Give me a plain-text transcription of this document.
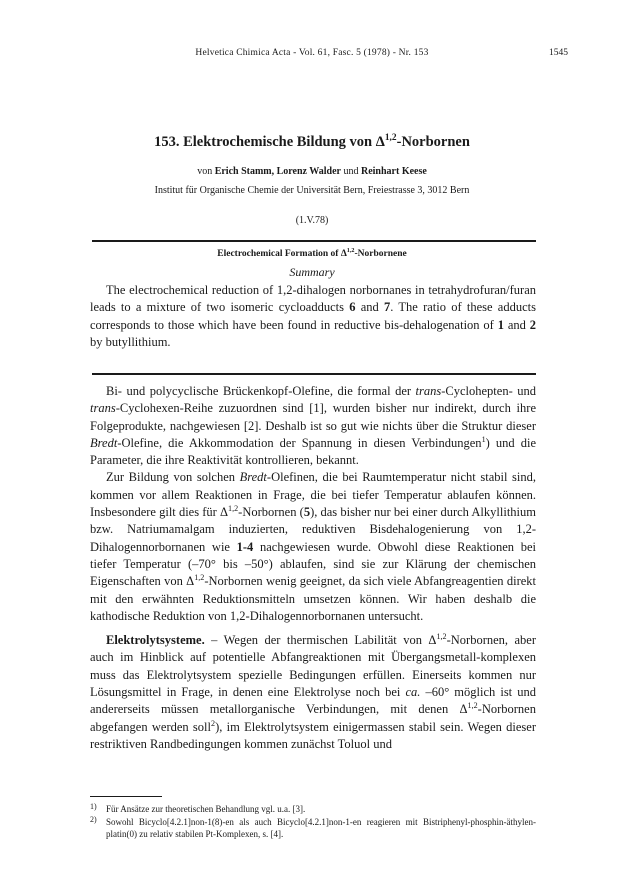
Helvetica Chimica Acta - Vol. 61, Fasc. 5 (1978) - Nr. 153	1545
153. Elektrochemische Bildung von Δ$^{1,2}$-Norbornen
von Erich Stamm, Lorenz Walder und Reinhart Keese
Institut für Organische Chemie der Universität Bern, Freiestrasse 3, 3012 Bern
(1.V.78)
Electrochemical Formation of Δ$^{1,2}$-Norbornene
Summary

The electrochemical reduction of 1,2-dihalogen norbornanes in tetrahydrofuran/furan leads to a mixture of two isomeric cycloadducts 6 and 7. The ratio of these adducts corresponds to those which have been found in reductive bis-dehalogenation of 1 and 2 by butyllithium.

Bi- und polycyclische Brückenkopf-Olefine, die formal der trans-Cyclohepten- und trans-Cyclohexen-Reihe zuzuordnen sind [1], wurden bisher nur indirekt, durch ihre Folgeprodukte, nachgewiesen [2]. Deshalb ist so gut wie nichts über die Struktur dieser Bredt-Olefine, die Akkommodation der Spannung in diesen Verbindungen$^1$) und die Parameter, die ihre Reaktivität kontrollieren, bekannt.

Zur Bildung von solchen Bredt-Olefinen, die bei Raumtemperatur nicht stabil sind, kommen vor allem Reaktionen in Frage, die bei tiefer Temperatur ablaufen können. Insbesondere gilt dies für Δ$^{1,2}$-Norbornen (5), das bisher nur bei einer durch Alkyllithium bzw. Natriumamalgam induzierten, reduktiven Bisdehalogenierung von 1,2-Dihalogennorbornanen wie 1-4 nachgewiesen wurde. Obwohl diese Reaktionen bei tiefer Temperatur (–70° bis –50°) ablaufen, sind sie zur Klärung der chemischen Eigenschaften von Δ$^{1,2}$-Norbornen wenig geeignet, da sich viele Abfangreagentien direkt mit den erwähnten Reduktionsmitteln umsetzen können. Wir haben deshalb die kathodische Reduktion von 1,2-Dihalogennorbornanen untersucht.

Elektrolytsysteme. – Wegen der thermischen Labilität von Δ$^{1,2}$-Norbornen, aber auch im Hinblick auf potentielle Abfangreaktionen mit Übergangsmetall-komplexen muss das Elektrolytsystem spezielle Bedingungen erfüllen. Einerseits kommen nur Lösungsmittel in Frage, in denen eine Elektrolyse noch bei ca. –60° möglich ist und andererseits müssen metallorganische Verbindungen, mit denen Δ$^{1,2}$-Norbornen abgefangen werden soll$^2$), im Elektrolytsystem einigermassen stabil sein. Wegen dieser restriktiven Randbedingungen kommen zunächst Toluol und

1) Für Ansätze zur theoretischen Behandlung vgl. u.a. [3].
2) Sowohl Bicyclo[4.2.1]non-1(8)-en als auch Bicyclo[4.2.1]non-1-en reagieren mit Bistriphenyl-phosphin-äthylen-platin(0) zu relativ stabilen Pt-Komplexen, s. [4].
